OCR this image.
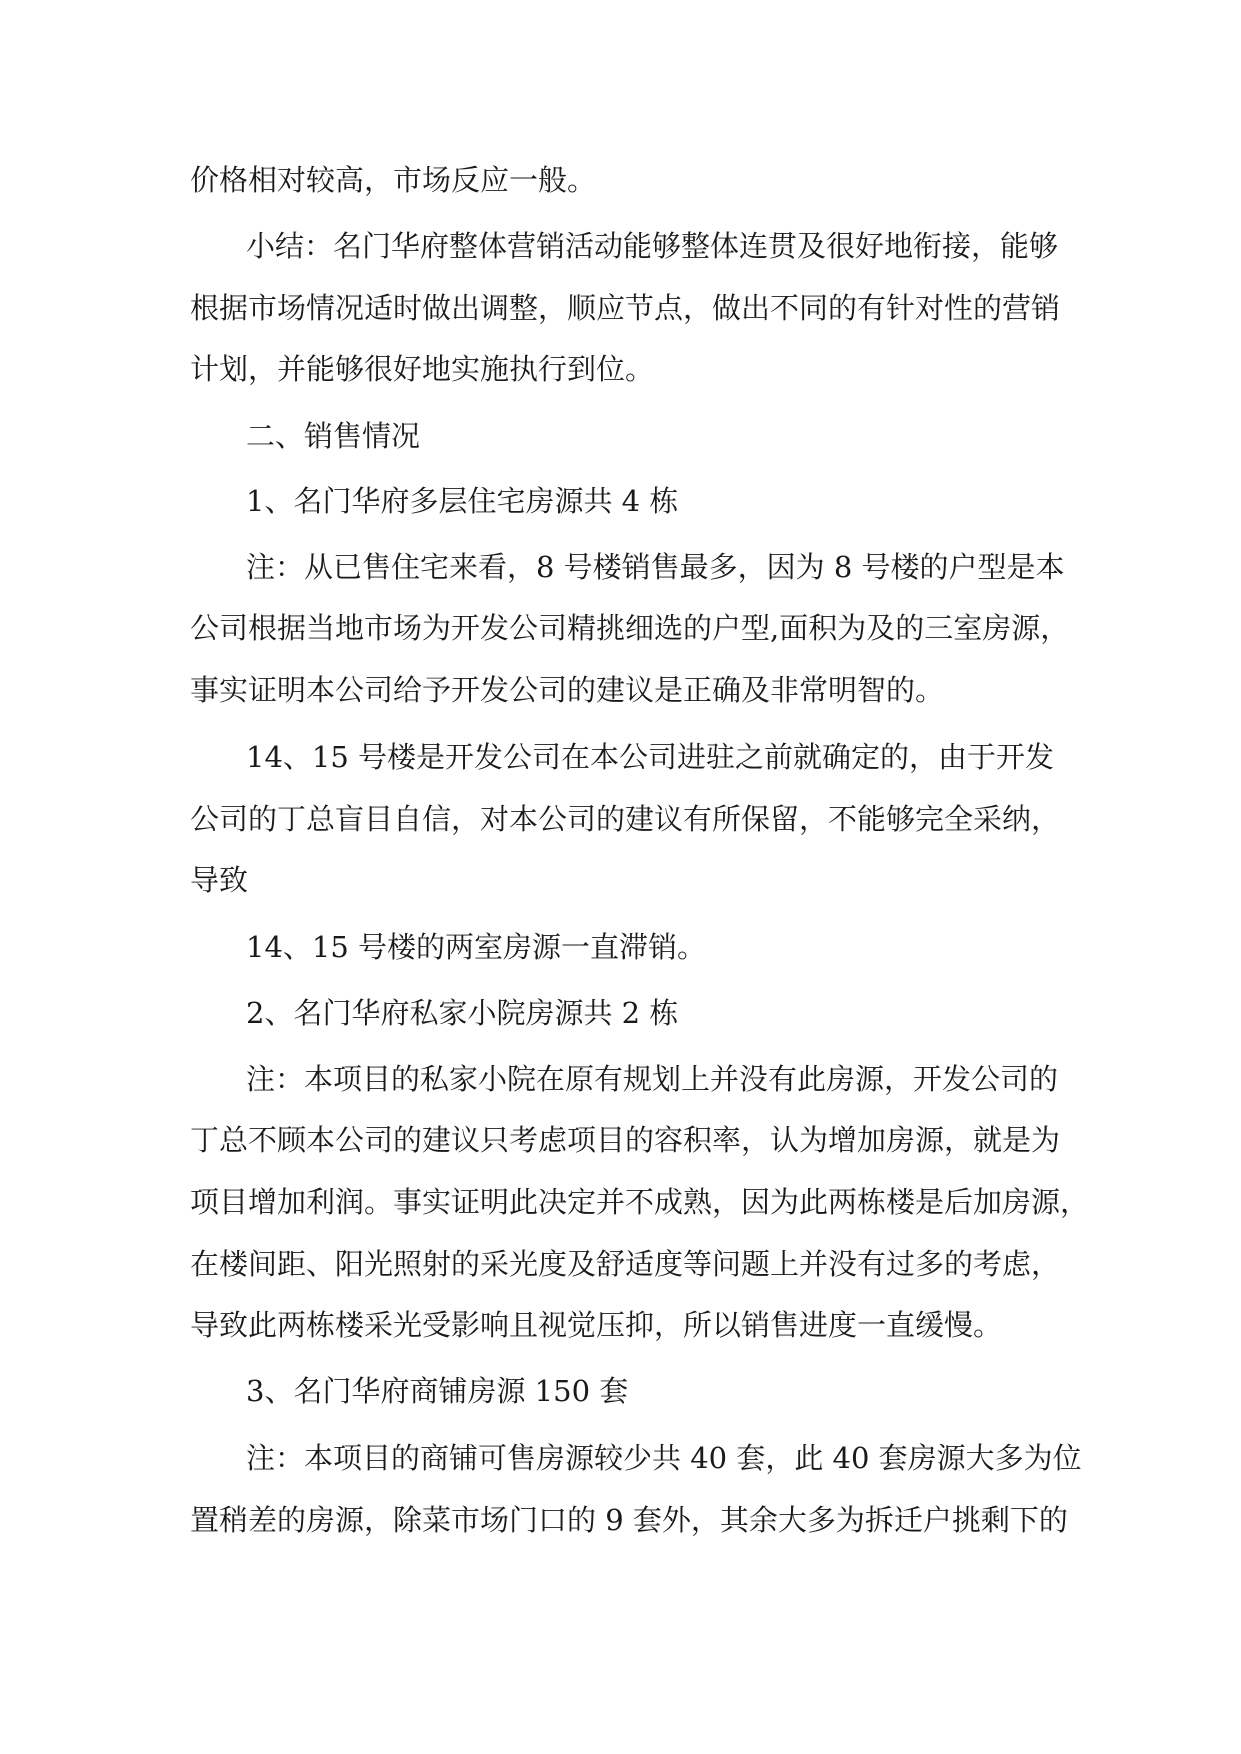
价格相对较高，市场反应一般。

小结：名门华府整体营销活动能够整体连贯及很好地衔接，能够

根据市场情况适时做出调整，顺应节点，做出不同的有针对性的营销

计划，并能够很好地实施执行到位。

二、销售情况

1、名门华府多层住宅房源共 4 栋

注：从已售住宅来看，8 号楼销售最多，因为 8 号楼的户型是本

公司根据当地市场为开发公司精挑细选的户型,面积为及的三室房源，

事实证明本公司给予开发公司的建议是正确及非常明智的。

14、15 号楼是开发公司在本公司进驻之前就确定的，由于开发

公司的丁总盲目自信，对本公司的建议有所保留，不能够完全采纳，

导致

14、15 号楼的两室房源一直滞销。

2、名门华府私家小院房源共 2 栋

注：本项目的私家小院在原有规划上并没有此房源，开发公司的

丁总不顾本公司的建议只考虑项目的容积率，认为增加房源，就是为

项目增加利润。事实证明此决定并不成熟，因为此两栋楼是后加房源，

在楼间距、阳光照射的采光度及舒适度等问题上并没有过多的考虑，

导致此两栋楼采光受影响且视觉压抑，所以销售进度一直缓慢。

3、名门华府商铺房源 150 套

注：本项目的商铺可售房源较少共 40 套，此 40 套房源大多为位

置稍差的房源，除菜市场门口的 9 套外，其余大多为拆迁户挑剩下的
